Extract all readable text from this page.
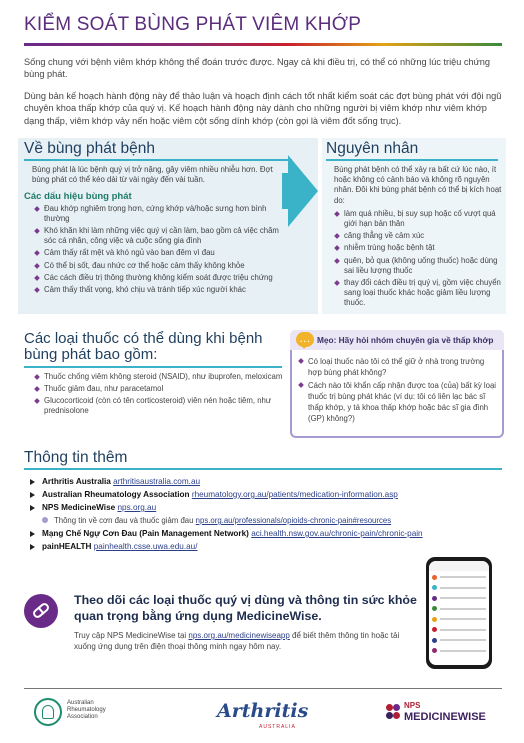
KIỂM SOÁT BÙNG PHÁT VIÊM KHỚP

Sống chung với bệnh viêm khớp không thể đoán trước được. Ngay cả khi điều trị, có thể có những lúc triệu chứng bùng phát.

Dùng bản kế hoạch hành động này để thảo luận và hoạch định cách tốt nhất kiểm soát các đợt bùng phát với đội ngũ chuyên khoa thấp khớp của quý vị. Kế hoạch hành động này dành cho những người bị viêm khớp như viêm khớp dạng thấp, viêm khớp vảy nến hoặc viêm cột sống dính khớp (còn gọi là viêm đốt sống trục).

Về bùng phát bệnh

Bùng phát là lúc bệnh quý vị trở nặng, gây viêm nhiều nhiễu hơn. Đợt bùng phát có thể kéo dài từ vài ngày đến vài tuần.

Các dấu hiệu bùng phát
Đau khớp nghiêm trọng hơn, cứng khớp và/hoặc sưng hơn bình thường
Khó khăn khi làm những việc quý vị cần làm, bao gồm cả việc chăm sóc cá nhân, công việc và cuộc sống gia đình
Cảm thấy rất mệt và khó ngủ vào ban đêm vì đau
Có thể bị sốt, đau nhức cơ thể hoặc cảm thấy không khỏe
Các cách điều trị thông thường không kiểm soát được triệu chứng
Cảm thấy thất vọng, khó chịu và tránh tiếp xúc người khác
Nguyên nhân

Bùng phát bệnh có thể xảy ra bất cứ lúc nào, ít hoặc không có cảnh báo và không rõ nguyên nhân. Đôi khi bùng phát bệnh có thể bị kích hoạt do:

làm quá nhiều, bị suy sụp hoặc cố vượt quá giới hạn bản thân
căng thẳng về cảm xúc
nhiễm trùng hoặc bệnh tật
quên, bỏ qua (không uống thuốc) hoặc dùng sai liều lượng thuốc
thay đổi cách điều trị quý vị, gồm việc chuyển sang loại thuốc khác hoặc giảm liều lượng thuốc.
Các loại thuốc có thể dùng khi bệnh bùng phát bao gồm:
Thuốc chống viêm không steroid (NSAID), như ibuprofen, meloxicam
Thuốc giảm đau, như paracetamol
Glucocorticoid (còn có tên corticosteroid) viên nén hoặc tiêm, như prednisolone
··· Mẹo: Hãy hỏi nhóm chuyên gia về thấp khớp
Có loại thuốc nào tôi có thể giữ ở nhà trong trường hợp bùng phát không?
Cách nào tôi khẩn cấp nhận được toa (của) bất kỳ loại thuốc trị bùng phát khác (ví dụ: tôi có liên lạc bác sĩ thấp khớp, y tá khoa thấp khớp hoặc bác sĩ gia đình (GP) không?)
Thông tin thêm
Arthritis Australia arthritisaustralia.com.au
Australian Rheumatology Association rheumatology.org.au/patients/medication-information.asp
NPS MedicineWise nps.org.au
Thông tin về cơn đau và thuốc giảm đau nps.org.au/professionals/opioids-chronic-pain#resources
Mạng Chế Ngự Cơn Đau (Pain Management Network) aci.health.nsw.gov.au/chronic-pain/chronic-pain
painHEALTH painhealth.csse.uwa.edu.au/
Theo dõi các loại thuốc quý vị dùng và thông tin sức khỏe quan trọng bằng ứng dụng MedicineWise.

Truy cập NPS MedicineWise tại nps.org.au/medicinewiseapp để biết thêm thông tin hoặc tải xuống ứng dụng trên điện thoại thông minh ngay hôm nay.

Australian Rheumatology Association	Arthritis
AUSTRALIA
NPS
MEDICINEWISE
